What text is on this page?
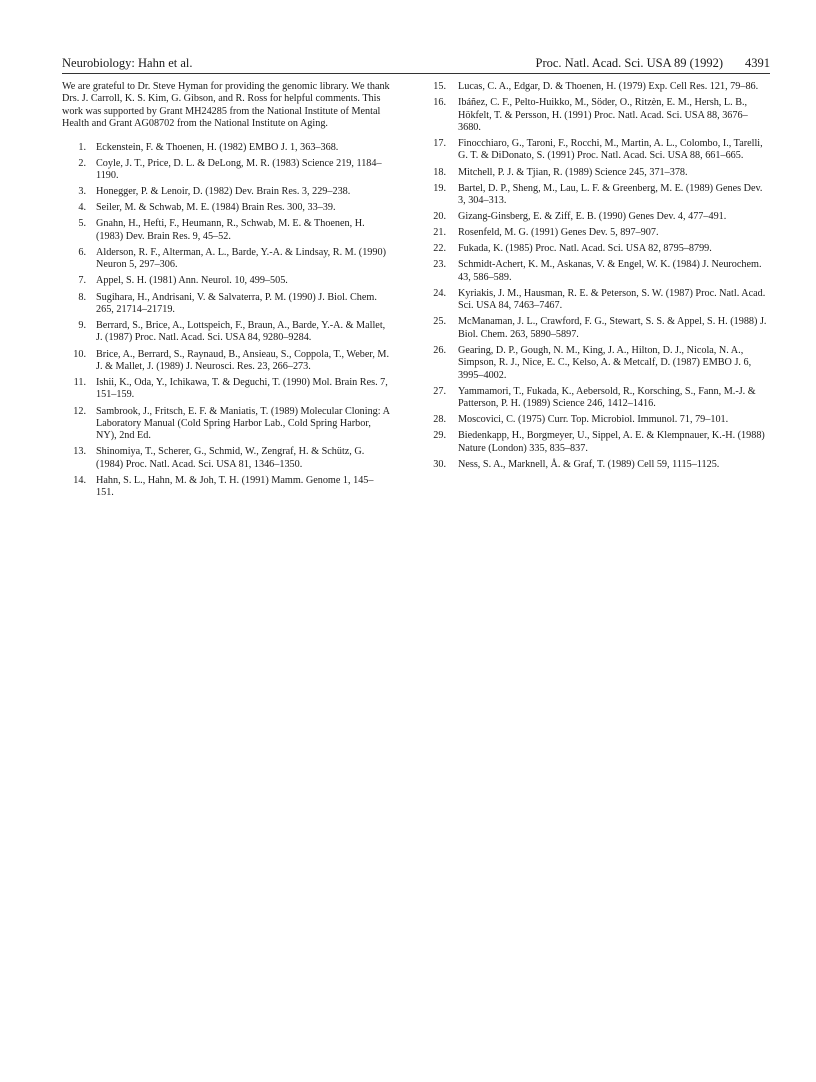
Neurobiology: Hahn et al.	Proc. Natl. Acad. Sci. USA 89 (1992) 4391

We are grateful to Dr. Steve Hyman for providing the genomic library. We thank Drs. J. Carroll, K. S. Kim, G. Gibson, and R. Ross for helpful comments. This work was supported by Grant MH24285 from the National Institute of Mental Health and Grant AG08702 from the National Institute on Aging.

1 . Eckenstein, F. & Thoenen, H. (1982) EMBO J. 1, 363–368.
2 . Coyle, J. T., Price, D. L. & DeLong, M. R. (1983) Science 219, 1184–1190.
3 . Honegger, P. & Lenoir, D. (1982) Dev. Brain Res. 3, 229–238.
4 . Seiler, M. & Schwab, M. E. (1984) Brain Res. 300, 33–39.
5 . Gnahn, H., Hefti, F., Heumann, R., Schwab, M. E. & Thoenen, H. (1983) Dev. Brain Res. 9, 45–52.
6 . Alderson, R. F., Alterman, A. L., Barde, Y.-A. & Lindsay, R. M. (1990) Neuron 5, 297–306.
7 . Appel, S. H. (1981) Ann. Neurol. 10, 499–505.
8 . Sugihara, H., Andrisani, V. & Salvaterra, P. M. (1990) J. Biol. Chem. 265, 21714–21719.
9 . Berrard, S., Brice, A., Lottspeich, F., Braun, A., Barde, Y.-A. & Mallet, J. (1987) Proc. Natl. Acad. Sci. USA 84, 9280–9284.
10 . Brice, A., Berrard, S., Raynaud, B., Ansieau, S., Coppola, T., Weber, M. J. & Mallet, J. (1989) J. Neurosci. Res. 23, 266–273.
11 . Ishii, K., Oda, Y., Ichikawa, T. & Deguchi, T. (1990) Mol. Brain Res. 7, 151–159.
12 . Sambrook, J., Fritsch, E. F. & Maniatis, T. (1989) Molecular Cloning: A Laboratory Manual (Cold Spring Harbor Lab., Cold Spring Harbor, NY), 2nd Ed.
13 . Shinomiya, T., Scherer, G., Schmid, W., Zengraf, H. & Schütz, G. (1984) Proc. Natl. Acad. Sci. USA 81, 1346–1350.
14 . Hahn, S. L., Hahn, M. & Joh, T. H. (1991) Mamm. Genome 1, 145–151.
15 . Lucas, C. A., Edgar, D. & Thoenen, H. (1979) Exp. Cell Res. 121, 79–86.
16 . Ibáñez, C. F., Pelto-Huikko, M., Söder, O., Ritzèn, E. M., Hersh, L. B., Hökfelt, T. & Persson, H. (1991) Proc. Natl. Acad. Sci. USA 88, 3676–3680.
17 . Finocchiaro, G., Taroni, F., Rocchi, M., Martin, A. L., Colombo, I., Tarelli, G. T. & DiDonato, S. (1991) Proc. Natl. Acad. Sci. USA 88, 661–665.
18 . Mitchell, P. J. & Tjian, R. (1989) Science 245, 371–378.
19 . Bartel, D. P., Sheng, M., Lau, L. F. & Greenberg, M. E. (1989) Genes Dev. 3, 304–313.
20 . Gizang-Ginsberg, E. & Ziff, E. B. (1990) Genes Dev. 4, 477–491.
21 . Rosenfeld, M. G. (1991) Genes Dev. 5, 897–907.
22 . Fukada, K. (1985) Proc. Natl. Acad. Sci. USA 82, 8795–8799.
23 . Schmidt-Achert, K. M., Askanas, V. & Engel, W. K. (1984) J. Neurochem. 43, 586–589.
24 . Kyriakis, J. M., Hausman, R. E. & Peterson, S. W. (1987) Proc. Natl. Acad. Sci. USA 84, 7463–7467.
25 . McManaman, J. L., Crawford, F. G., Stewart, S. S. & Appel, S. H. (1988) J. Biol. Chem. 263, 5890–5897.
26 . Gearing, D. P., Gough, N. M., King, J. A., Hilton, D. J., Nicola, N. A., Simpson, R. J., Nice, E. C., Kelso, A. & Metcalf, D. (1987) EMBO J. 6, 3995–4002.
27 . Yammamori, T., Fukada, K., Aebersold, R., Korsching, S., Fann, M.-J. & Patterson, P. H. (1989) Science 246, 1412–1416.
28 . Moscovici, C. (1975) Curr. Top. Microbiol. Immunol. 71, 79–101.
29 . Biedenkapp, H., Borgmeyer, U., Sippel, A. E. & Klempnauer, K.-H. (1988) Nature (London) 335, 835–837.
30 . Ness, S. A., Marknell, Å. & Graf, T. (1989) Cell 59, 1115–1125.
